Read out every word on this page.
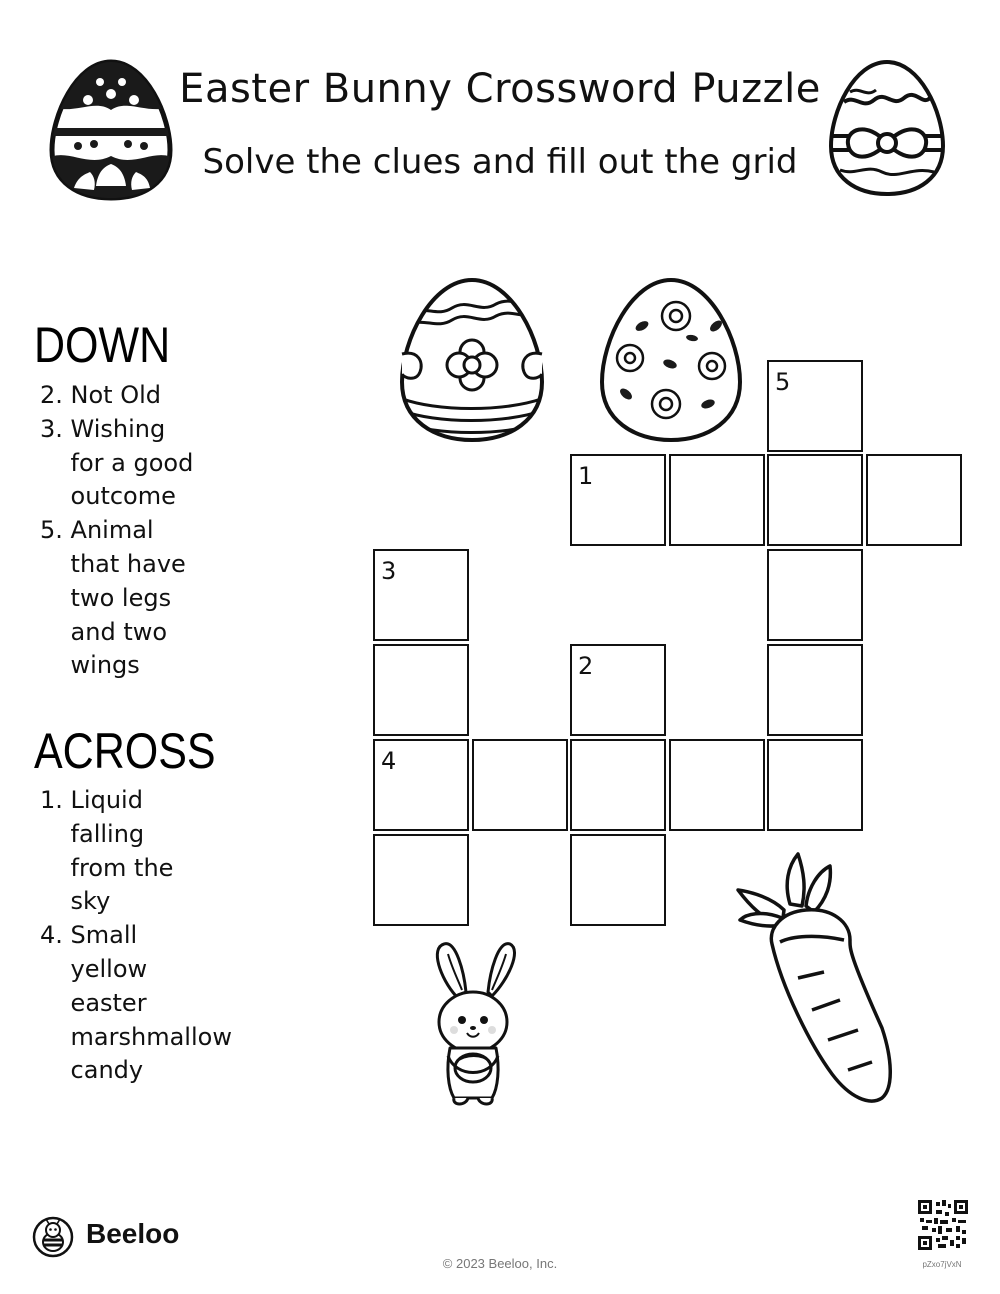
Easter Bunny Crossword Puzzle
Solve the clues and fill out the grid
DOWN
2.
Not Old
3.
Wishing
for a good
outcome
5.
Animal
that have
two legs
and two
wings
ACROSS
1.
Liquid
falling
from the
sky
4.
Small
yellow
easter
marshmallow
candy
5
1
3
2
4
Beeloo
© 2023 Beeloo, Inc.	pZxo7jVxN
